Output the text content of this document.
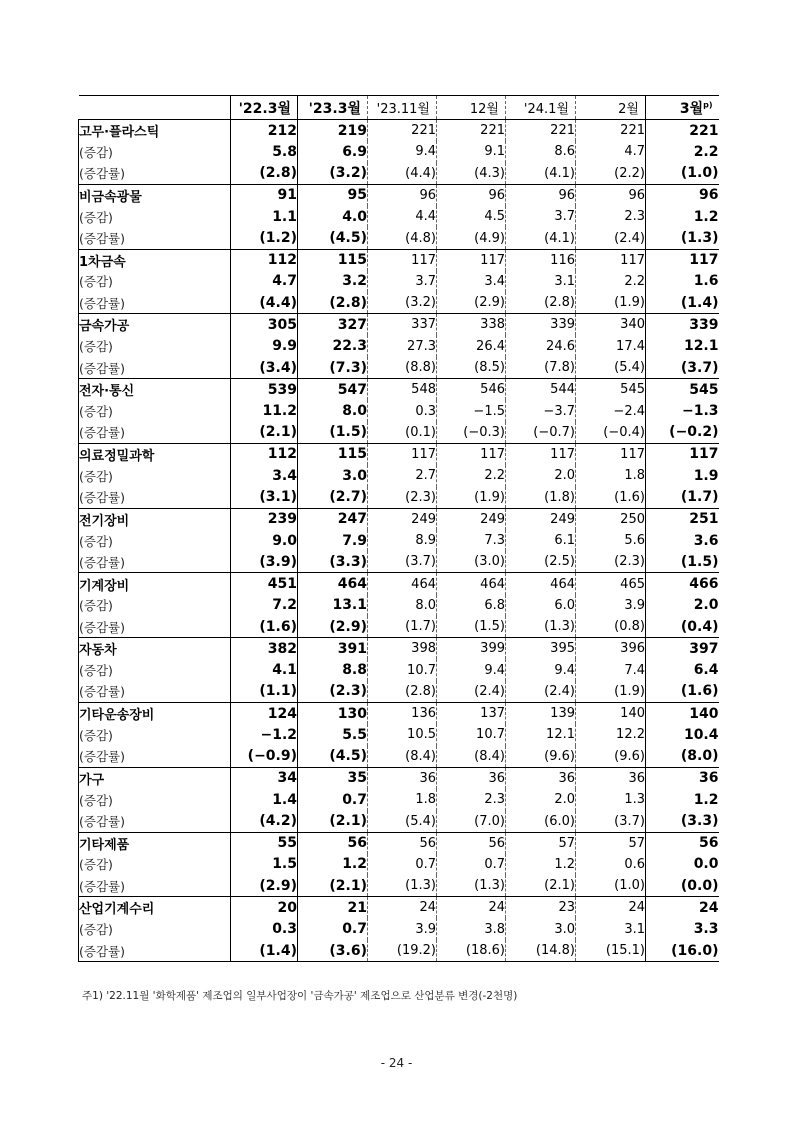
	'22.3월	'23.3월	'23.11월	12월	'24.1월	2월	3월$^{p)}$
고무·플라스틱	212	219	221	221	221	221	221
(증감)	5.8	6.9	9.4	9.1	8.6	4.7	2.2
(증감률)	(2.8)	(3.2)	(4.4)	(4.3)	(4.1)	(2.2)	(1.0)
비금속광물	91	95	96	96	96	96	96
(증감)	1.1	4.0	4.4	4.5	3.7	2.3	1.2
(증감률)	(1.2)	(4.5)	(4.8)	(4.9)	(4.1)	(2.4)	(1.3)
1차금속	112	115	117	117	116	117	117
(증감)	4.7	3.2	3.7	3.4	3.1	2.2	1.6
(증감률)	(4.4)	(2.8)	(3.2)	(2.9)	(2.8)	(1.9)	(1.4)
금속가공	305	327	337	338	339	340	339
(증감)	9.9	22.3	27.3	26.4	24.6	17.4	12.1
(증감률)	(3.4)	(7.3)	(8.8)	(8.5)	(7.8)	(5.4)	(3.7)
전자·통신	539	547	548	546	544	545	545
(증감)	11.2	8.0	0.3	−1.5	−3.7	−2.4	−1.3
(증감률)	(2.1)	(1.5)	(0.1)	(−0.3)	(−0.7)	(−0.4)	(−0.2)
의료정밀과학	112	115	117	117	117	117	117
(증감)	3.4	3.0	2.7	2.2	2.0	1.8	1.9
(증감률)	(3.1)	(2.7)	(2.3)	(1.9)	(1.8)	(1.6)	(1.7)
전기장비	239	247	249	249	249	250	251
(증감)	9.0	7.9	8.9	7.3	6.1	5.6	3.6
(증감률)	(3.9)	(3.3)	(3.7)	(3.0)	(2.5)	(2.3)	(1.5)
기계장비	451	464	464	464	464	465	466
(증감)	7.2	13.1	8.0	6.8	6.0	3.9	2.0
(증감률)	(1.6)	(2.9)	(1.7)	(1.5)	(1.3)	(0.8)	(0.4)
자동차	382	391	398	399	395	396	397
(증감)	4.1	8.8	10.7	9.4	9.4	7.4	6.4
(증감률)	(1.1)	(2.3)	(2.8)	(2.4)	(2.4)	(1.9)	(1.6)
기타운송장비	124	130	136	137	139	140	140
(증감)	−1.2	5.5	10.5	10.7	12.1	12.2	10.4
(증감률)	(−0.9)	(4.5)	(8.4)	(8.4)	(9.6)	(9.6)	(8.0)
가구	34	35	36	36	36	36	36
(증감)	1.4	0.7	1.8	2.3	2.0	1.3	1.2
(증감률)	(4.2)	(2.1)	(5.4)	(7.0)	(6.0)	(3.7)	(3.3)
기타제품	55	56	56	56	57	57	56
(증감)	1.5	1.2	0.7	0.7	1.2	0.6	0.0
(증감률)	(2.9)	(2.1)	(1.3)	(1.3)	(2.1)	(1.0)	(0.0)
산업기계수리	20	21	24	24	23	24	24
(증감)	0.3	0.7	3.9	3.8	3.0	3.1	3.3
(증감률)	(1.4)	(3.6)	(19.2)	(18.6)	(14.8)	(15.1)	(16.0)
주1) '22.11월 '화학제품' 제조업의 일부사업장이 '금속가공' 제조업으로 산업분류 변경(-2천명)
- 24 -
